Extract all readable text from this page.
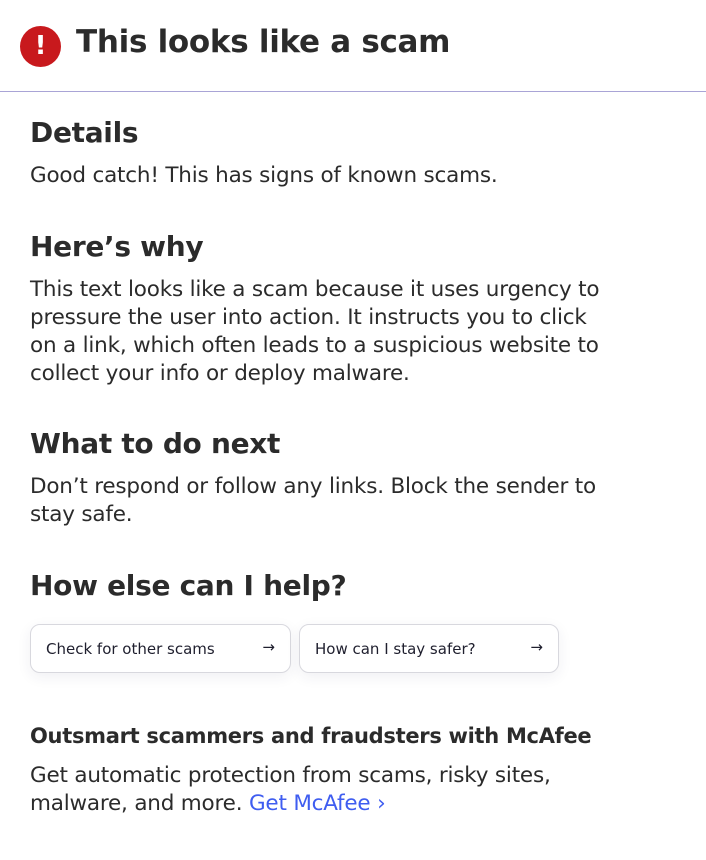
! This looks like a scam
Details
Good catch! This has signs of known scams.
Here’s why
This text looks like a scam because it uses urgency to
pressure the user into action. It instructs you to click
on a link, which often leads to a suspicious website to
collect your info or deploy malware.
What to do next
Don’t respond or follow any links. Block the sender to
stay safe.
How else can I help?
Check for other scams	→	How can I stay safer?	→
Outsmart scammers and fraudsters with McAfee
Get automatic protection from scams, risky sites,
malware, and more. Get McAfee ›
